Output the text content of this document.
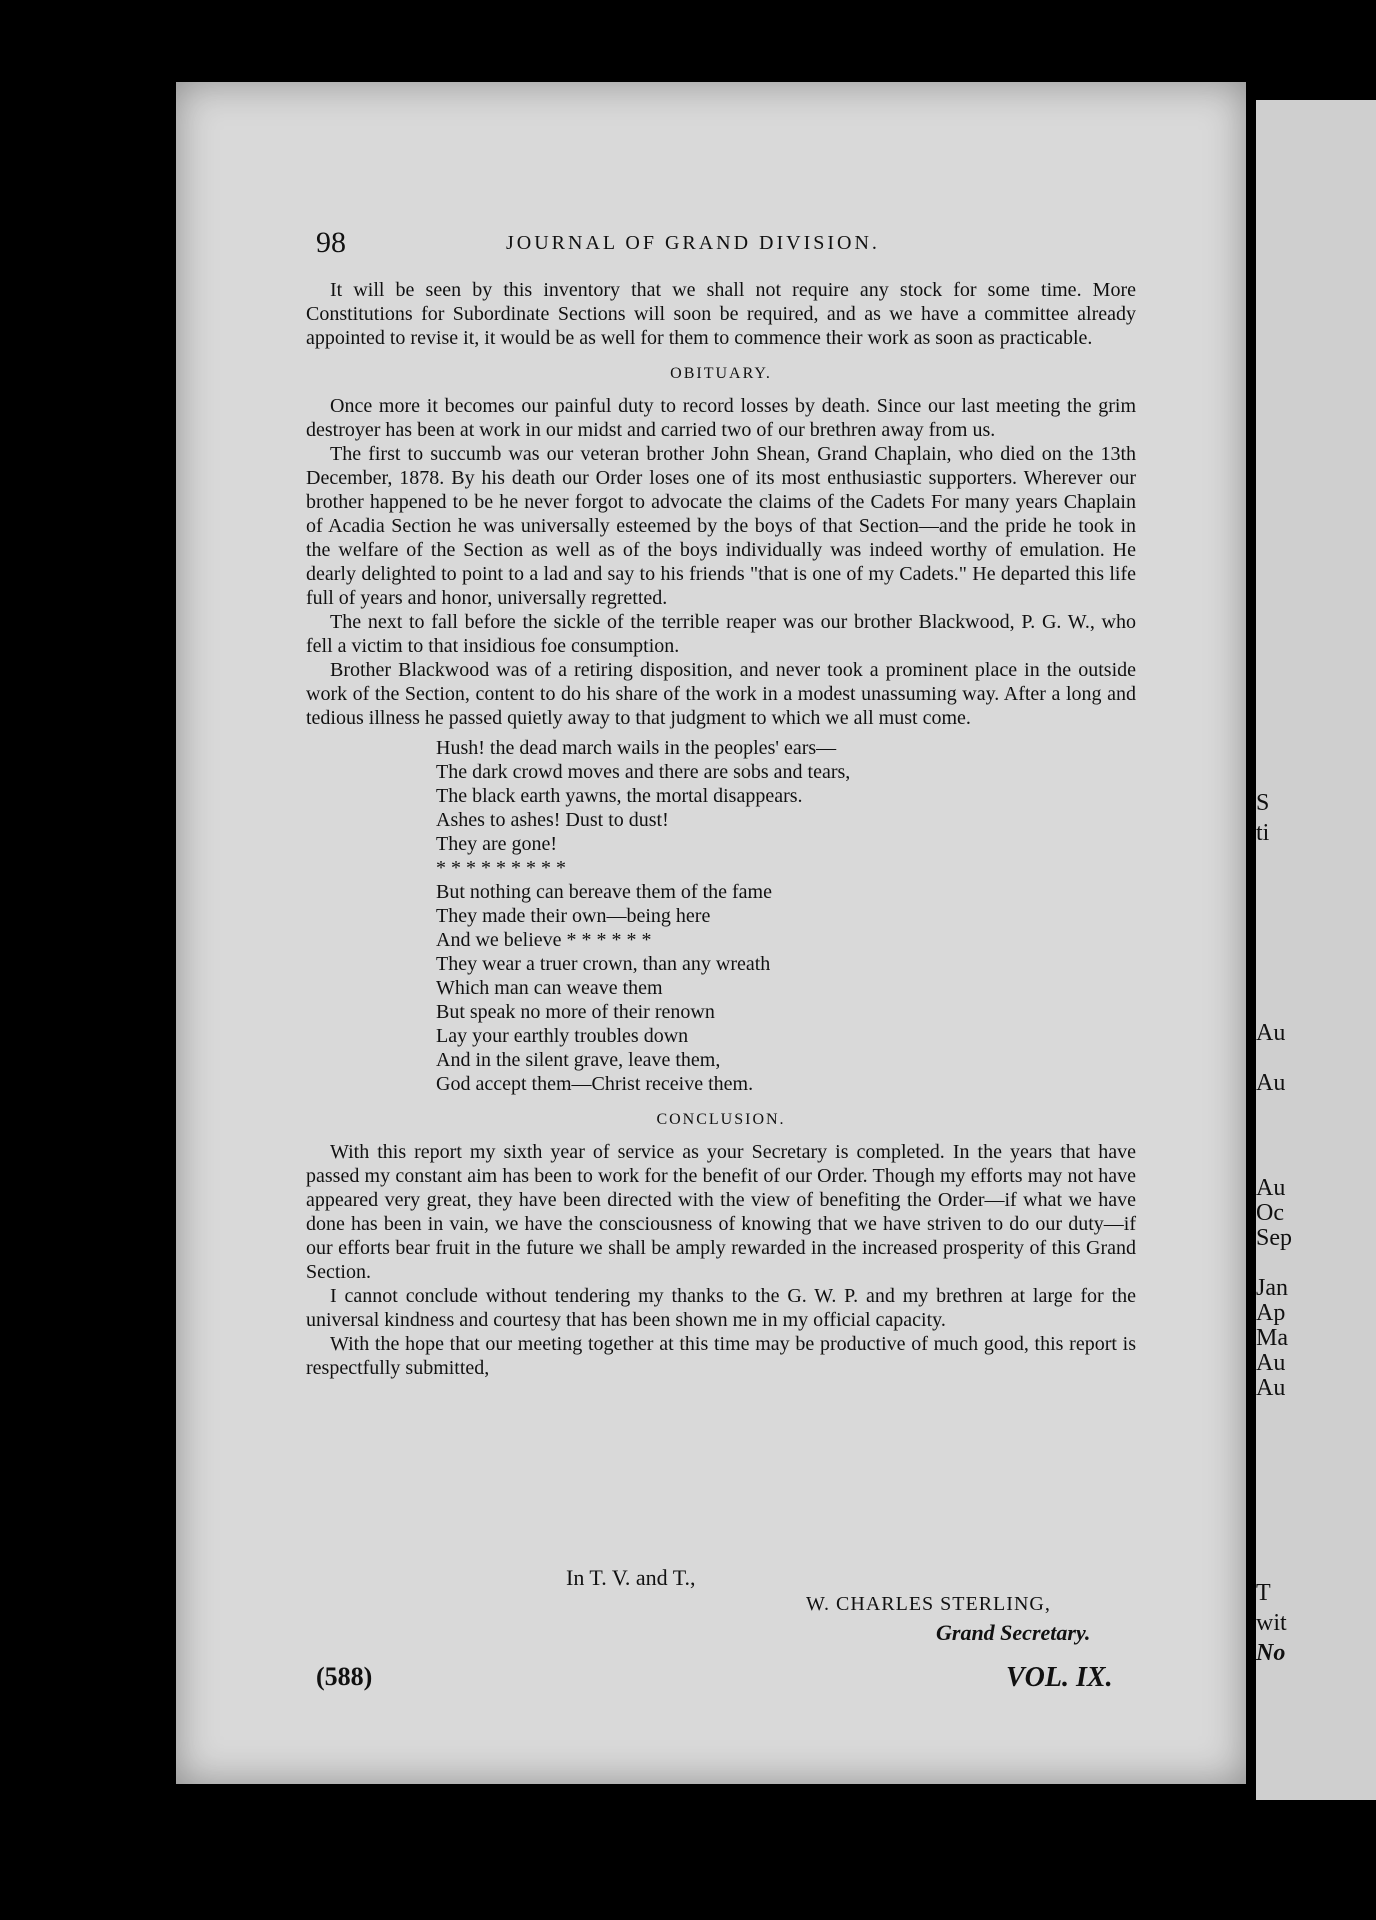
98	JOURNAL OF GRAND DIVISION.

It will be seen by this inventory that we shall not require any stock for some time. More Constitutions for Subordinate Sections will soon be required, and as we have a committee already appointed to revise it, it would be as well for them to commence their work as soon as practicable.

OBITUARY.

Once more it becomes our painful duty to record losses by death. Since our last meeting the grim destroyer has been at work in our midst and carried two of our brethren away from us.

The first to succumb was our veteran brother John Shean, Grand Chaplain, who died on the 13th December, 1878. By his death our Order loses one of its most enthusiastic supporters. Wherever our brother happened to be he never forgot to advocate the claims of the Cadets For many years Chaplain of Acadia Section he was universally esteemed by the boys of that Section—and the pride he took in the welfare of the Section as well as of the boys individually was indeed worthy of emulation. He dearly delighted to point to a lad and say to his friends "that is one of my Cadets." He departed this life full of years and honor, universally regretted.

The next to fall before the sickle of the terrible reaper was our brother Blackwood, P. G. W., who fell a victim to that insidious foe consumption.

Brother Blackwood was of a retiring disposition, and never took a prominent place in the outside work of the Section, content to do his share of the work in a modest unassuming way. After a long and tedious illness he passed quietly away to that judgment to which we all must come.

Hush! the dead march wails in the peoples' ears—
The dark crowd moves and there are sobs and tears,
The black earth yawns, the mortal disappears.
Ashes to ashes! Dust to dust!
They are gone!
* * * * * * * * *
But nothing can bereave them of the fame
They made their own—being here
And we believe * * * * * *
They wear a truer crown, than any wreath
Which man can weave them
But speak no more of their renown
Lay your earthly troubles down
And in the silent grave, leave them,
God accept them—Christ receive them.
CONCLUSION.

With this report my sixth year of service as your Secretary is completed. In the years that have passed my constant aim has been to work for the benefit of our Order. Though my efforts may not have appeared very great, they have been directed with the view of benefiting the Order—if what we have done has been in vain, we have the consciousness of knowing that we have striven to do our duty—if our efforts bear fruit in the future we shall be amply rewarded in the increased prosperity of this Grand Section.

I cannot conclude without tendering my thanks to the G. W. P. and my brethren at large for the universal kindness and courtesy that has been shown me in my official capacity.

With the hope that our meeting together at this time may be productive of much good, this report is respectfully submitted,

In T. V. and T.,
W. CHARLES STERLING,
Grand Secretary.
(588)	VOL. IX.
S
ti
Au
Au
Au
Oc
Sep
Jan
Ap
Ma
Au
Au
T
wit
No
